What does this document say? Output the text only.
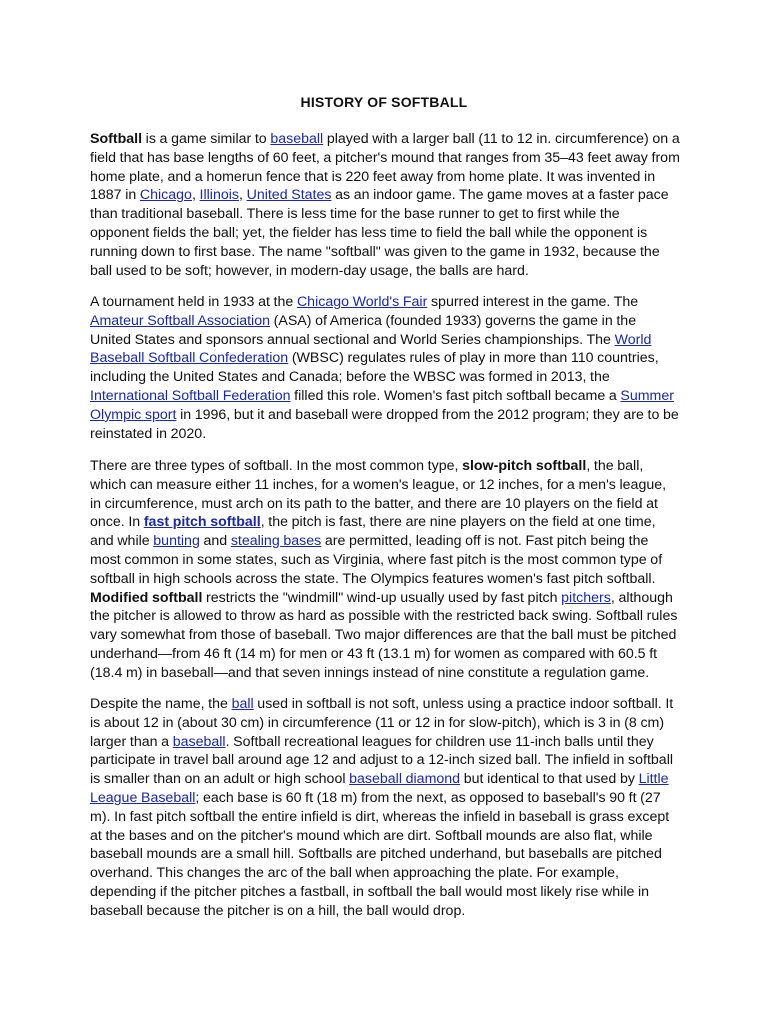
HISTORY OF SOFTBALL

Softball is a game similar to baseball played with a larger ball (11 to 12 in. circumference) on a field that has base lengths of 60 feet, a pitcher's mound that ranges from 35–43 feet away from home plate, and a homerun fence that is 220 feet away from home plate. It was invented in 1887 in Chicago, Illinois, United States as an indoor game. The game moves at a faster pace than traditional baseball. There is less time for the base runner to get to first while the opponent fields the ball; yet, the fielder has less time to field the ball while the opponent is running down to first base. The name "softball" was given to the game in 1932, because the ball used to be soft; however, in modern-day usage, the balls are hard.

A tournament held in 1933 at the Chicago World's Fair spurred interest in the game. The Amateur Softball Association (ASA) of America (founded 1933) governs the game in the United States and sponsors annual sectional and World Series championships. The World Baseball Softball Confederation (WBSC) regulates rules of play in more than 110 countries, including the United States and Canada; before the WBSC was formed in 2013, the International Softball Federation filled this role. Women's fast pitch softball became a Summer Olympic sport in 1996, but it and baseball were dropped from the 2012 program; they are to be reinstated in 2020.

There are three types of softball. In the most common type, slow-pitch softball, the ball, which can measure either 11 inches, for a women's league, or 12 inches, for a men's league, in circumference, must arch on its path to the batter, and there are 10 players on the field at once. In fast pitch softball, the pitch is fast, there are nine players on the field at one time, and while bunting and stealing bases are permitted, leading off is not. Fast pitch being the most common in some states, such as Virginia, where fast pitch is the most common type of softball in high schools across the state. The Olympics features women's fast pitch softball. Modified softball restricts the "windmill" wind-up usually used by fast pitch pitchers, although the pitcher is allowed to throw as hard as possible with the restricted back swing. Softball rules vary somewhat from those of baseball. Two major differences are that the ball must be pitched underhand—from 46 ft (14 m) for men or 43 ft (13.1 m) for women as compared with 60.5 ft (18.4 m) in baseball—and that seven innings instead of nine constitute a regulation game.

Despite the name, the ball used in softball is not soft, unless using a practice indoor softball. It is about 12 in (about 30 cm) in circumference (11 or 12 in for slow-pitch), which is 3 in (8 cm) larger than a baseball. Softball recreational leagues for children use 11-inch balls until they participate in travel ball around age 12 and adjust to a 12-inch sized ball. The infield in softball is smaller than on an adult or high school baseball diamond but identical to that used by Little League Baseball; each base is 60 ft (18 m) from the next, as opposed to baseball's 90 ft (27 m). In fast pitch softball the entire infield is dirt, whereas the infield in baseball is grass except at the bases and on the pitcher's mound which are dirt. Softball mounds are also flat, while baseball mounds are a small hill. Softballs are pitched underhand, but baseballs are pitched overhand. This changes the arc of the ball when approaching the plate. For example, depending if the pitcher pitches a fastball, in softball the ball would most likely rise while in baseball because the pitcher is on a hill, the ball would drop.
